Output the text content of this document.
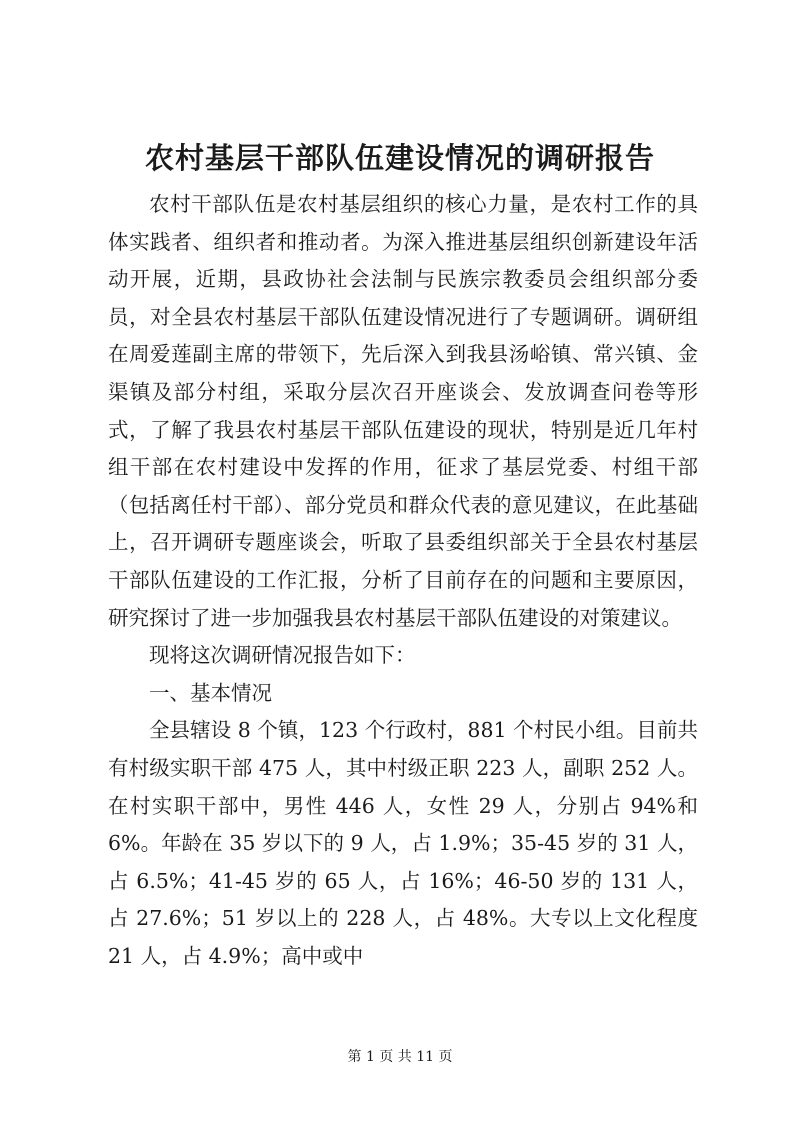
农村基层干部队伍建设情况的调研报告

农村干部队伍是农村基层组织的核心力量，是农村工作的具体实践者、组织者和推动者。为深入推进基层组织创新建设年活动开展，近期，县政协社会法制与民族宗教委员会组织部分委员，对全县农村基层干部队伍建设情况进行了专题调研。调研组在周爱莲副主席的带领下，先后深入到我县汤峪镇、常兴镇、金渠镇及部分村组，采取分层次召开座谈会、发放调查问卷等形式，了解了我县农村基层干部队伍建设的现状，特别是近几年村组干部在农村建设中发挥的作用，征求了基层党委、村组干部（包括离任村干部）、部分党员和群众代表的意见建议，在此基础上，召开调研专题座谈会，听取了县委组织部关于全县农村基层干部队伍建设的工作汇报，分析了目前存在的问题和主要原因，研究探讨了进一步加强我县农村基层干部队伍建设的对策建议。

现将这次调研情况报告如下：

一、基本情况

全县辖设 8 个镇，123 个行政村，881 个村民小组。目前共有村级实职干部 475 人，其中村级正职 223 人，副职 252 人。在村实职干部中，男性 446 人，女性 29 人，分别占 94%和 6%。年龄在 35 岁以下的 9 人，占 1.9%；35-45 岁的 31 人，占 6.5%；41-45 岁的 65 人，占 16%；46-50 岁的 131 人，占 27.6%；51 岁以上的 228 人，占 48%。大专以上文化程度 21 人，占 4.9%；高中或中

第 1 页 共 11 页
